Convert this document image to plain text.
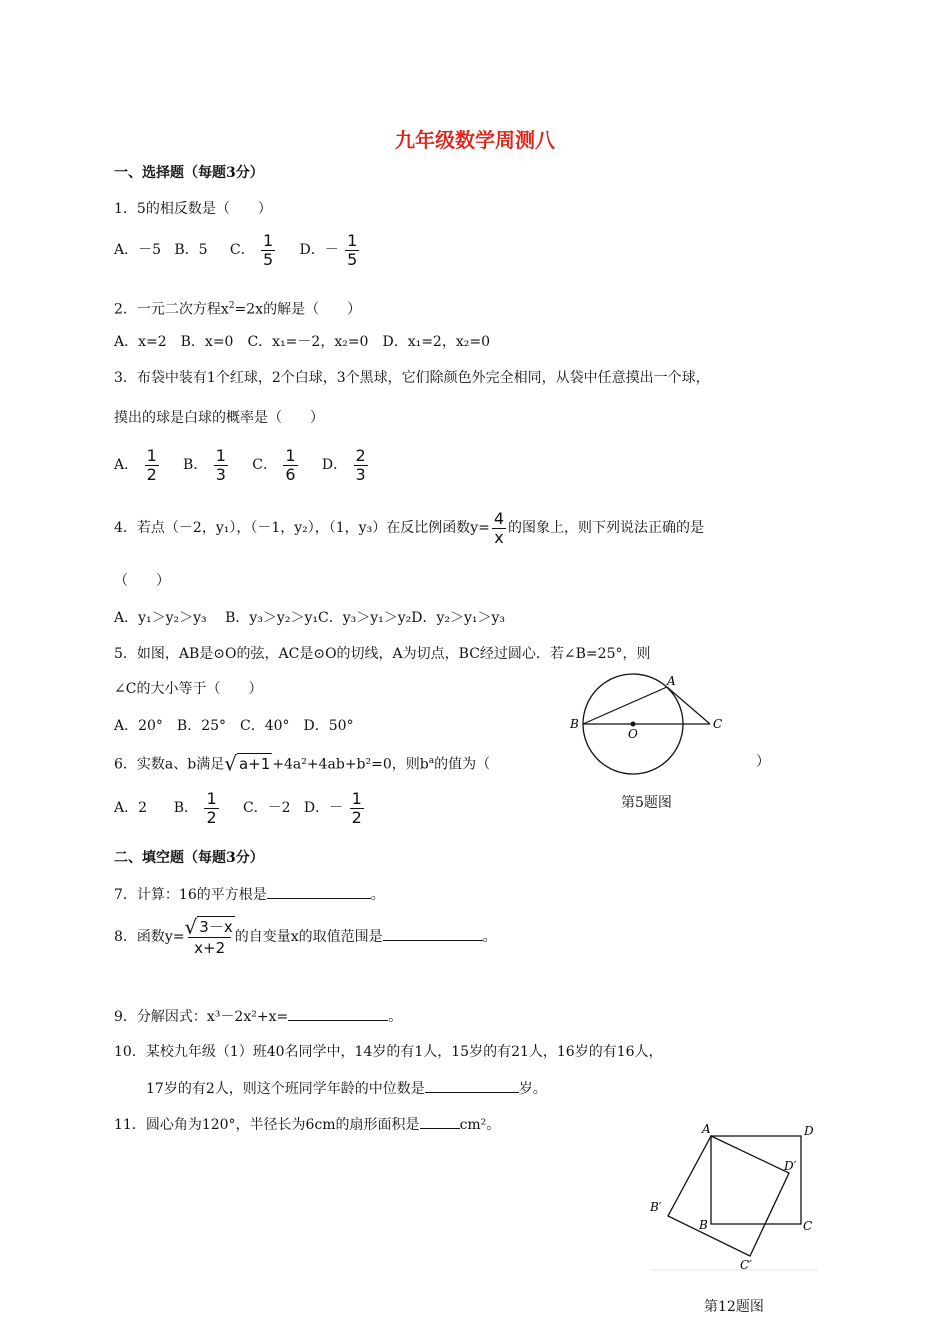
九年级数学周测八
一、选择题（每题3分）
1．5的相反数是（　　）
A．－5 B．5 C． $\frac{1}{5}$ D．－ $\frac{1}{5}$
2．一元二次方程$x^2=2x$的解是（　　）
A．x=2　B．x=0　C．x₁=－2，x₂=0　D．x₁=2，x₂=0
3．布袋中装有1个红球，2个白球，3个黑球，它们除颜色外完全相同，从袋中任意摸出一个球，
摸出的球是白球的概率是（　　）
A． $\frac{1}{2}$ B． $\frac{1}{3}$ C． $\frac{1}{6}$ D． $\frac{2}{3}$
4．若点（－2，y₁），（－1，y₂），（1，y₃）在反比例函数$y= \frac{4}{x}$ 的图象上，则下列说法正确的是
（　　）
A．y₁＞y₂＞y₃　 B．y₃＞y₂＞y₁C．y₃＞y₁＞y₂D．y₂＞y₁＞y₃
5．如图，AB是⊙O的弦，AC是⊙O的切线，A为切点，BC经过圆心．若∠B=25°，则
∠C的大小等于（　　）
A．20°　B．25°　C．40°　D．50°
A
B	C
O
6．实数a、b满足√ a+1 +4a²+4ab+b²=0，则$b^a$的值为（	）
A．2 B． $\frac{1}{2}$ C．－2 D．－ $\frac{1}{2}$	第5题图
二、填空题（每题3分）
7．计算：16的平方根是	。
8．函数$y= \frac{√ 3-x}{x+2}$ 的自变量x的取值范围是	。
9．分解因式：x³－2x²+x=	。
10．某校九年级（1）班40名同学中，14岁的有1人，15岁的有21人，16岁的有16人，
17岁的有2人，则这个班同学年龄的中位数是	岁。
11．圆心角为120°，半径长为6cm的扇形面积是	cm²。	A	D
D′
B′
B	C
C′
第12题图
